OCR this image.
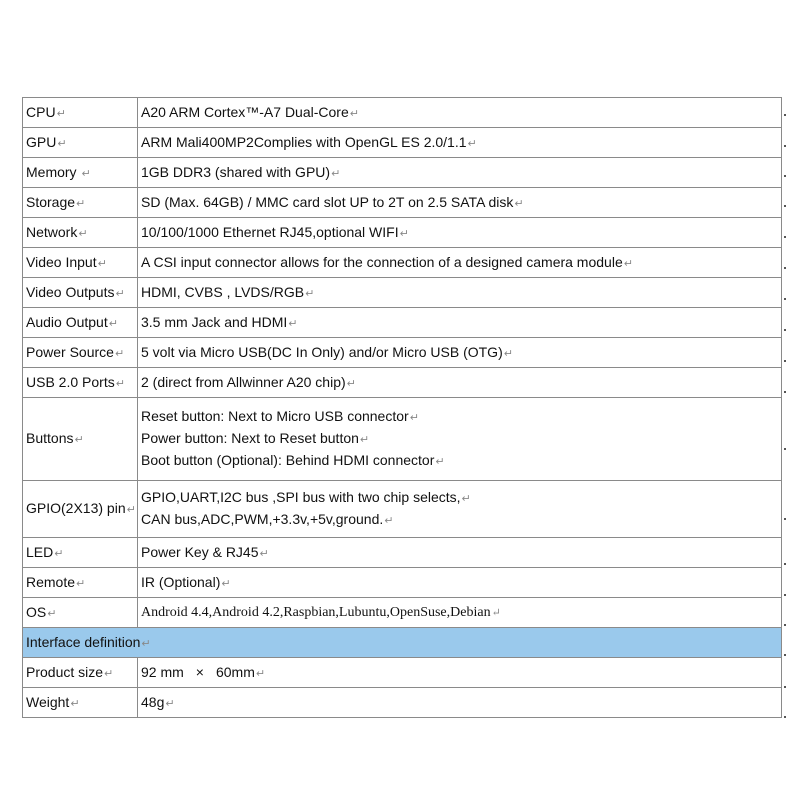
CPU↵	A20 ARM Cortex™-A7 Dual-Core↵
GPU↵	ARM Mali400MP2Complies with OpenGL ES 2.0/1.1↵
Memory ↵	1GB DDR3 (shared with GPU)↵
Storage↵	SD (Max. 64GB) / MMC card slot UP to 2T on 2.5 SATA disk↵
Network↵	10/100/1000 Ethernet RJ45,optional WIFI↵
Video Input↵	A CSI input connector allows for the connection of a designed camera module↵
Video Outputs↵	HDMI, CVBS , LVDS/RGB↵
Audio Output↵	3.5 mm Jack and HDMI↵
Power Source↵	5 volt via Micro USB(DC In Only) and/or Micro USB (OTG)↵
USB 2.0 Ports↵	2 (direct from Allwinner A20 chip)↵
Buttons↵	Reset button: Next to Micro USB connector↵
Power button: Next to Reset button↵
Boot button (Optional): Behind HDMI connector↵

GPIO(2X13) pin↵	GPIO,UART,I2C bus ,SPI bus with two chip selects,↵
CAN bus,ADC,PWM,+3.3v,+5v,ground.↵

LED↵	Power Key & RJ45↵
Remote↵	IR (Optional)↵
OS↵	Android 4.4,Android 4.2,Raspbian,Lubuntu,OpenSuse,Debian↵
Interface definition↵	
Product size↵	92 mm × 60mm↵
Weight↵	48g↵
